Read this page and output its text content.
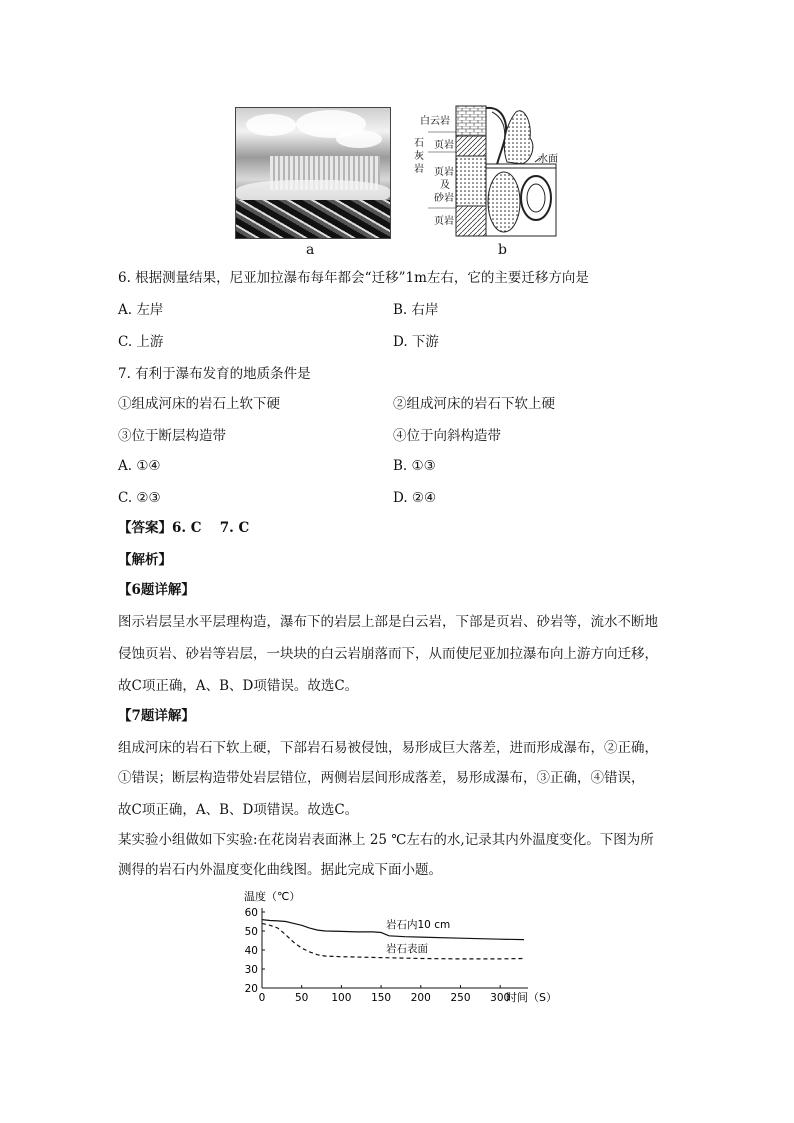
a
白云岩
页岩
石
灰
岩 页岩
及
砂岩
页岩
水面
b
6. 根据测量结果，尼亚加拉瀑布每年都会“迁移”1m左右，它的主要迁移方向是
A. 左岸	B. 右岸
C. 上游	D. 下游
7. 有利于瀑布发育的地质条件是
①组成河床的岩石上软下硬	②组成河床的岩石下软上硬
③位于断层构造带	④位于向斜构造带
A. ①④	B. ①③
C. ②③	D. ②④
【答案】6. C　 7. C
【解析】
【6题详解】
图示岩层呈水平层理构造，瀑布下的岩层上部是白云岩，下部是页岩、砂岩等，流水不断地
侵蚀页岩、砂岩等岩层，一块块的白云岩崩落而下，从而使尼亚加拉瀑布向上游方向迁移，
故C项正确，A、B、D项错误。故选C。
【7题详解】
组成河床的岩石下软上硬，下部岩石易被侵蚀，易形成巨大落差，进而形成瀑布，②正确，
①错误；断层构造带处岩层错位，两侧岩层间形成落差，易形成瀑布，③正确，④错误，
故C项正确，A、B、D项错误。故选C。
某实验小组做如下实验:在花岗岩表面淋上 25 ℃左右的水,记录其内外温度变化。下图为所
测得的岩石内外温度变化曲线图。据此完成下面小题。
温度（℃）
时间（S）
岩石内10 cm
岩石表面
20
30
40
50
60
0	50 100 150 200 250 300
